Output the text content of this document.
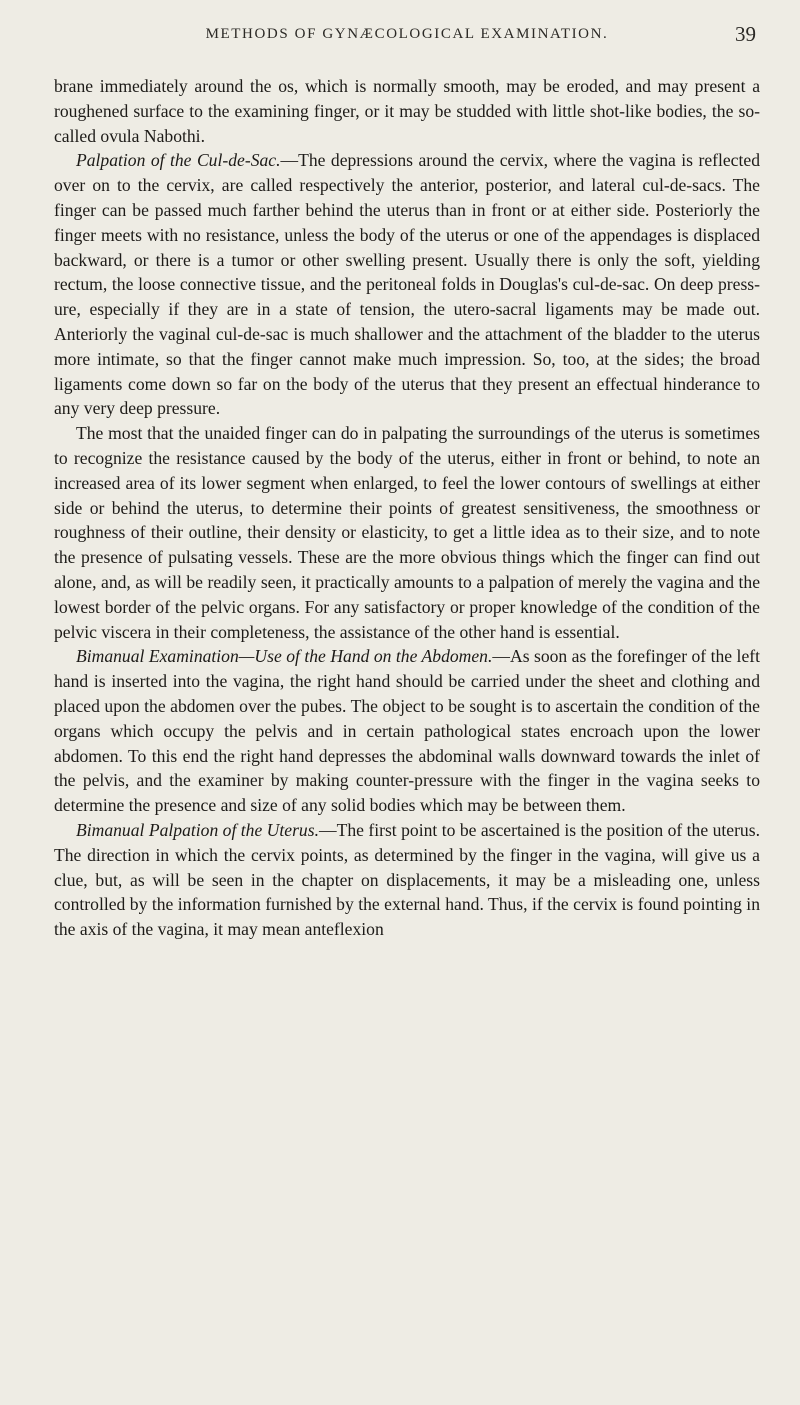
METHODS OF GYNÆCOLOGICAL EXAMINATION.	39

brane immediately around the os, which is normally smooth, may be eroded, and may present a roughened surface to the examining finger, or it may be studded with little shot-like bodies, the so-called ovula Nabothi.

Palpation of the Cul-de-Sac.—The depressions around the cervix, where the vagina is reflected over on to the cervix, are called respectively the anterior, posterior, and lateral cul-de-sacs. The finger can be passed much farther behind the uterus than in front or at either side. Posteriorly the finger meets with no resistance, unless the body of the uterus or one of the appendages is displaced backward, or there is a tumor or other swelling present. Usually there is only the soft, yielding rectum, the loose connective tissue, and the peritoneal folds in Douglas's cul-de-sac. On deep pressure, especially if they are in a state of tension, the utero-sacral ligaments may be made out. Anteriorly the vaginal cul-de-sac is much shallower and the attachment of the bladder to the uterus more intimate, so that the finger cannot make much impression. So, too, at the sides; the broad ligaments come down so far on the body of the uterus that they present an effectual hinderance to any very deep pressure.

The most that the unaided finger can do in palpating the surroundings of the uterus is sometimes to recognize the resistance caused by the body of the uterus, either in front or behind, to note an increased area of its lower segment when enlarged, to feel the lower contours of swellings at either side or behind the uterus, to determine their points of greatest sensitiveness, the smoothness or roughness of their outline, their density or elasticity, to get a little idea as to their size, and to note the presence of pulsating vessels. These are the more obvious things which the finger can find out alone, and, as will be readily seen, it practically amounts to a palpation of merely the vagina and the lowest border of the pelvic organs. For any satisfactory or proper knowledge of the condition of the pelvic viscera in their completeness, the assistance of the other hand is essential.

Bimanual Examination—Use of the Hand on the Abdomen.—As soon as the forefinger of the left hand is inserted into the vagina, the right hand should be carried under the sheet and clothing and placed upon the abdomen over the pubes. The object to be sought is to ascertain the condition of the organs which occupy the pelvis and in certain pathological states encroach upon the lower abdomen. To this end the right hand depresses the abdominal walls downward towards the inlet of the pelvis, and the examiner by making counter-pressure with the finger in the vagina seeks to determine the presence and size of any solid bodies which may be between them.

Bimanual Palpation of the Uterus.—The first point to be ascertained is the position of the uterus. The direction in which the cervix points, as determined by the finger in the vagina, will give us a clue, but, as will be seen in the chapter on displacements, it may be a misleading one, unless controlled by the information furnished by the external hand. Thus, if the cervix is found pointing in the axis of the vagina, it may mean anteflexion
